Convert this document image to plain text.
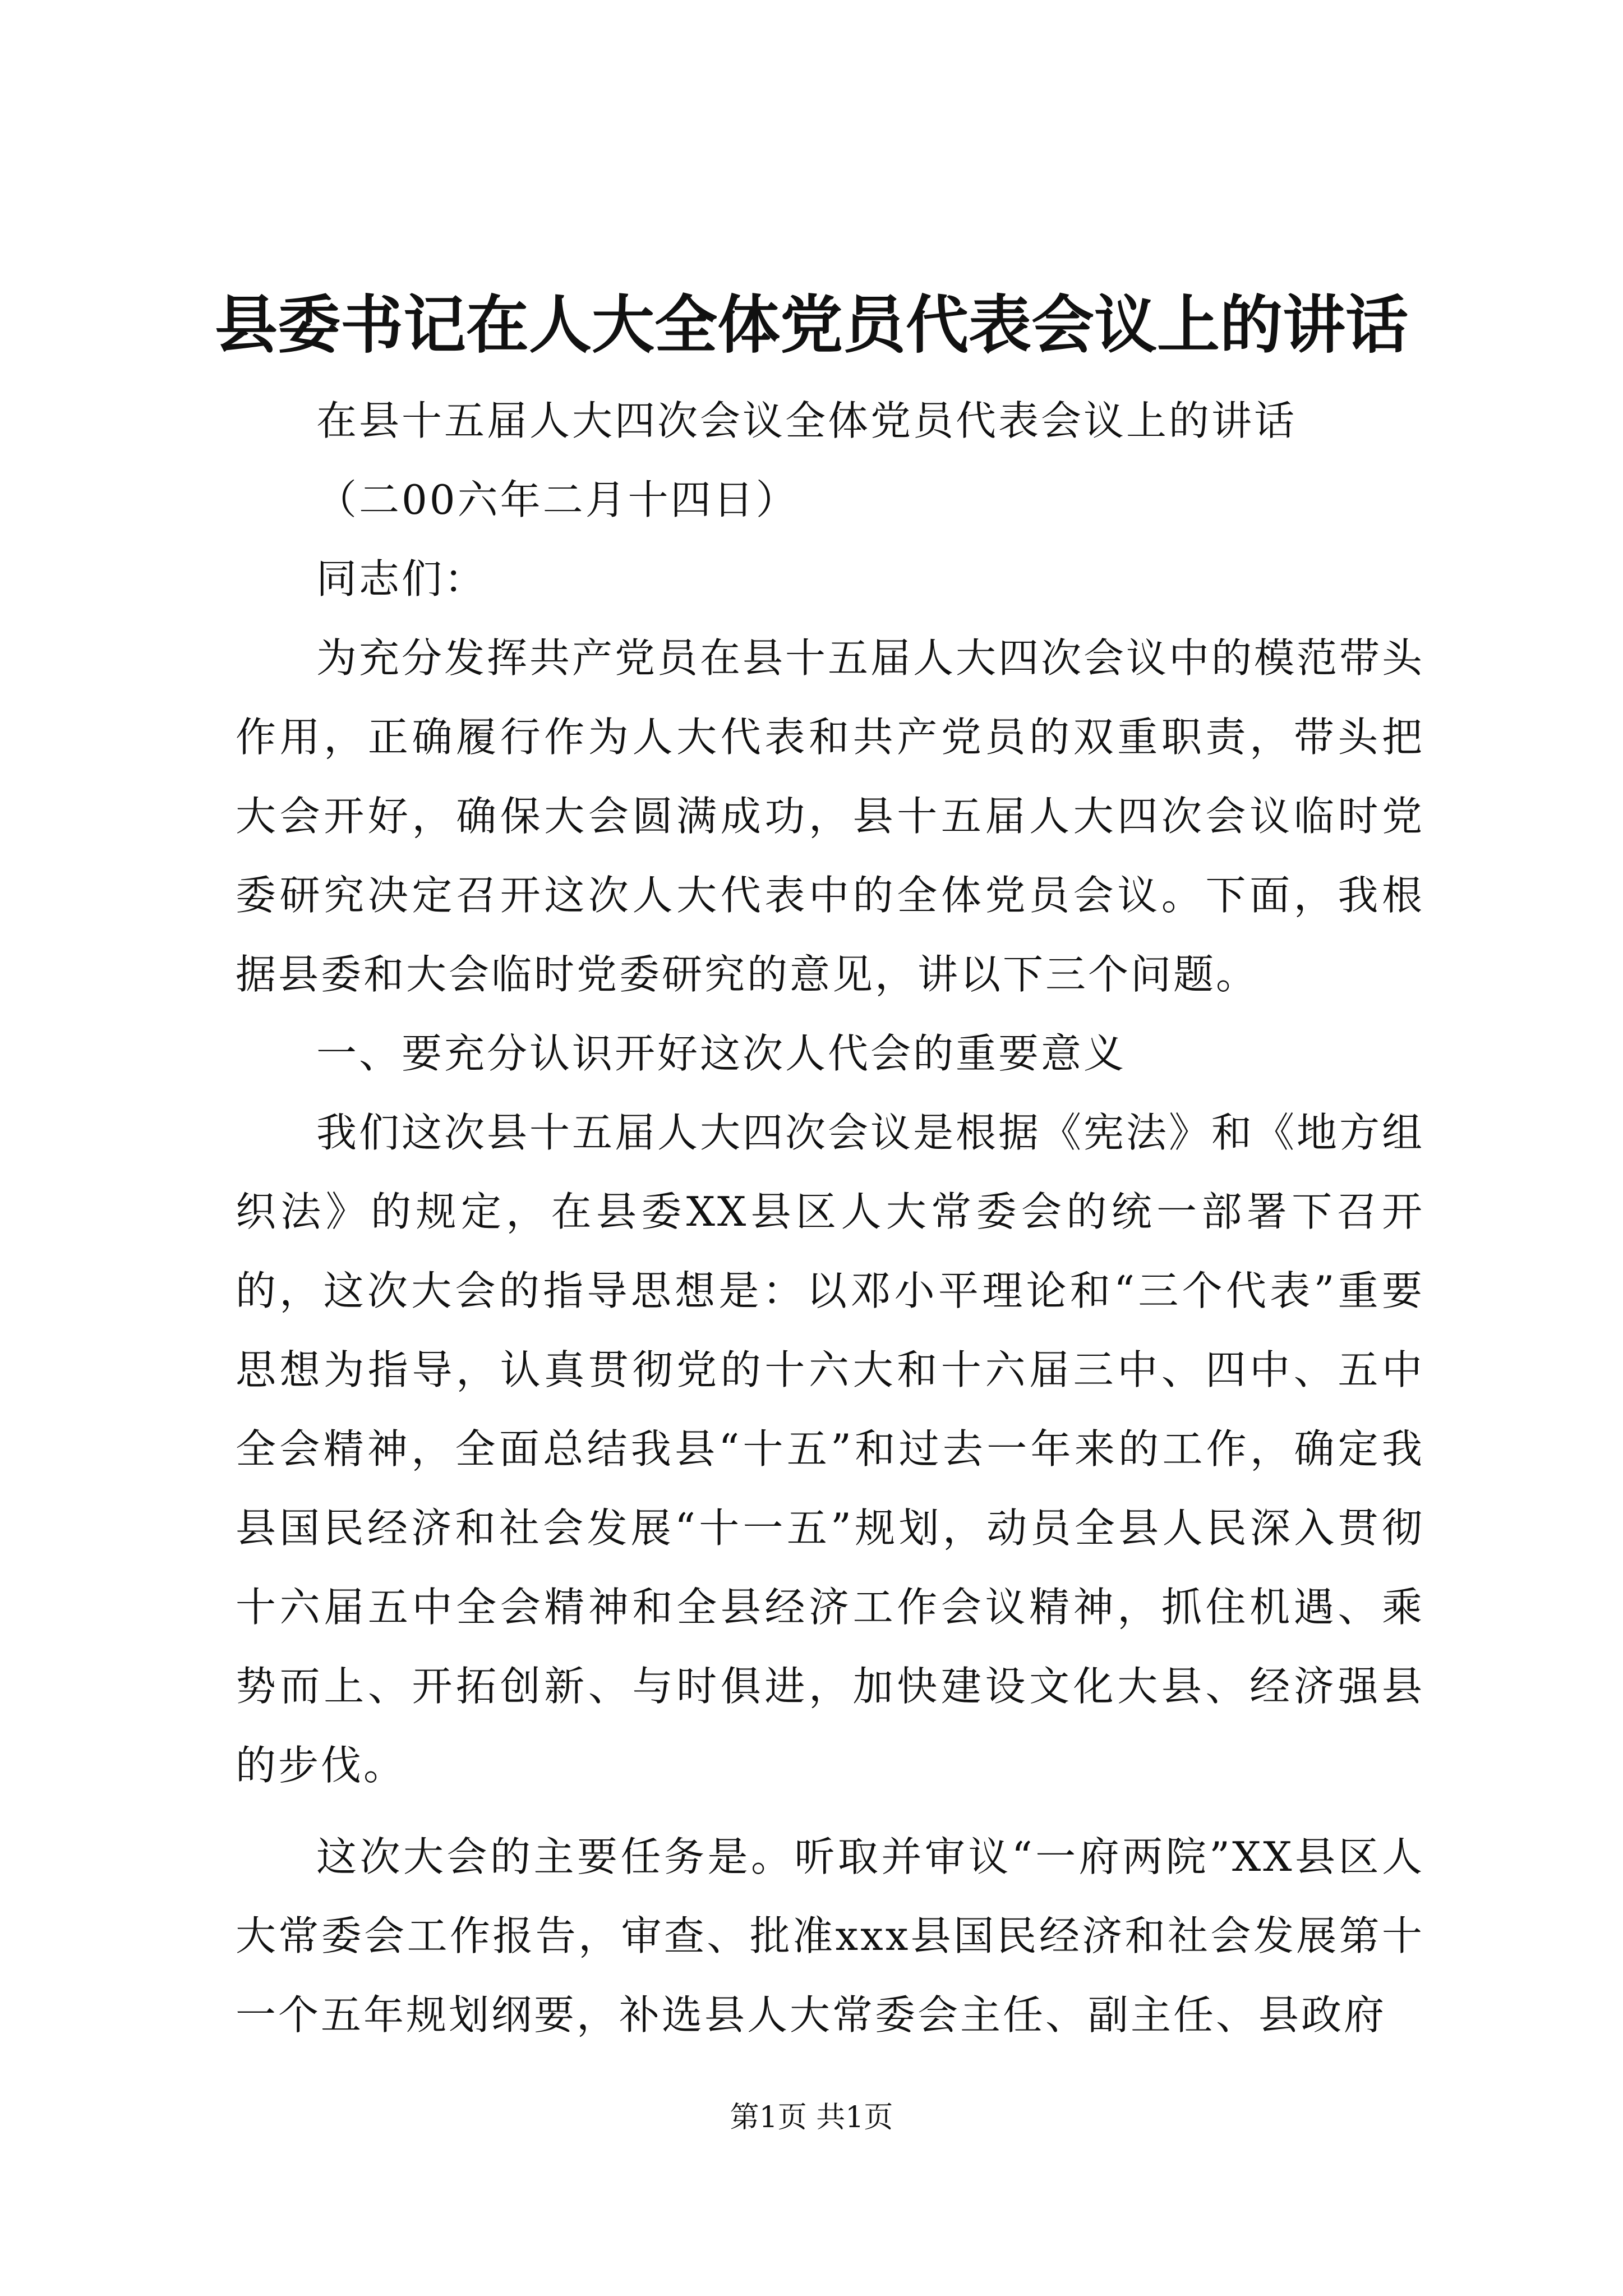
县委书记在人大全体党员代表会议上的讲话

在县十五届人大四次会议全体党员代表会议上的讲话

（二00六年二月十四日）

同志们：

为充分发挥共产党员在县十五届人大四次会议中的模范带头作用，正确履行作为人大代表和共产党员的双重职责，带头把大会开好，确保大会圆满成功，县十五届人大四次会议临时党委研究决定召开这次人大代表中的全体党员会议。下面，我根据县委和大会临时党委研究的意见，讲以下三个问题。

一、要充分认识开好这次人代会的重要意义

我们这次县十五届人大四次会议是根据《宪法》和《地方组织法》的规定，在县委XX县区人大常委会的统一部署下召开的，这次大会的指导思想是：以邓小平理论和“三个代表”重要思想为指导，认真贯彻党的十六大和十六届三中、四中、五中全会精神，全面总结我县“十五”和过去一年来的工作，确定我县国民经济和社会发展“十一五”规划，动员全县人民深入贯彻十六届五中全会精神和全县经济工作会议精神，抓住机遇、乘势而上、开拓创新、与时俱进，加快建设文化大县、经济强县的步伐。

这次大会的主要任务是。听取并审议“一府两院”XX县区人大常委会工作报告，审查、批准xxx县国民经济和社会发展第十一个五年规划纲要，补选县人大常委会主任、副主任、县政府

第1页 共1页
